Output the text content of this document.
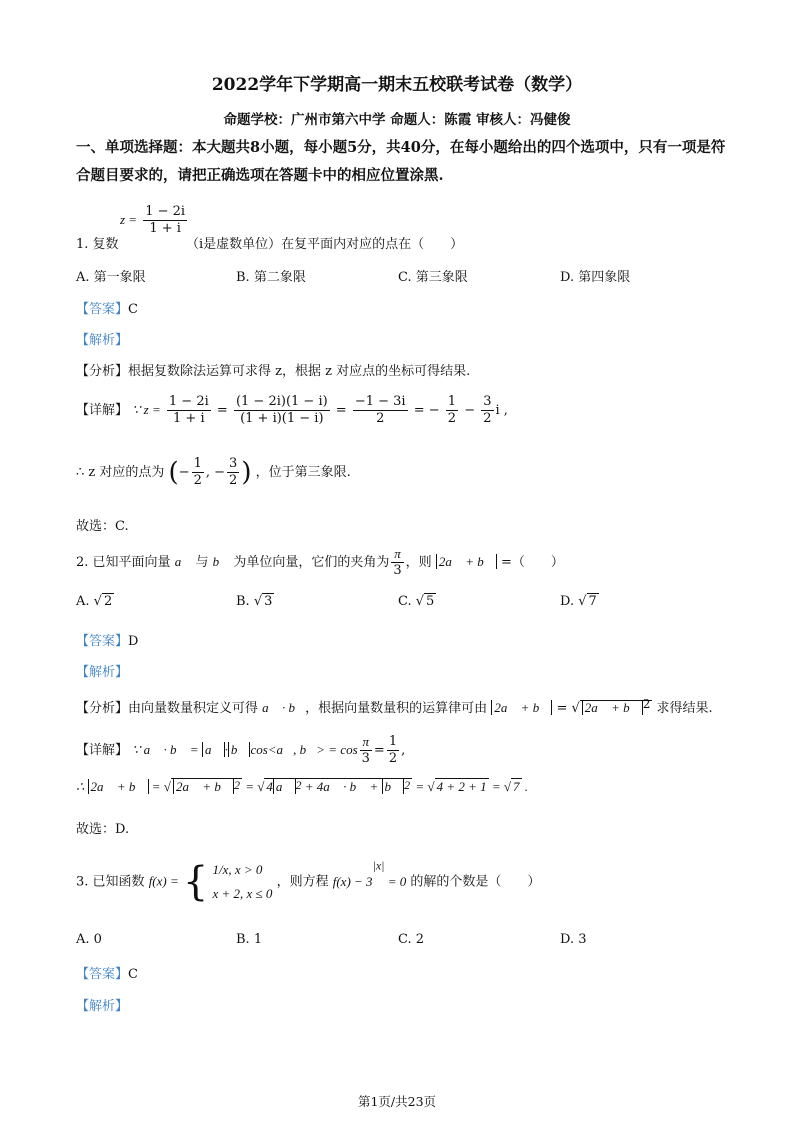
2022学年下学期高一期末五校联考试卷（数学）
命题学校：广州市第六中学 命题人：陈霞 审核人：冯健俊
一、单项选择题：本大题共8小题，每小题5分，共40分，在每小题给出的四个选项中，只有一项是符合题目要求的，请把正确选项在答题卡中的相应位置涂黑.
$z = \frac{1 - 2i}{1 + i}$
1. 复数	（i是虚数单位）在复平面内对应的点在（　　）
A. 第一象限	B. 第二象限	C. 第三象限	D. 第四象限
【答案】C
【解析】
【分析】根据复数除法运算可求得 z，根据 z 对应点的坐标可得结果.
【详解】 ∵ $z = \frac{1 - 2i}{1 + i} = \frac{(1 - 2i)(1 - i)}{(1 + i)(1 - i)} = \frac{-1 - 3i}{2}$ = − $\frac{1}{2} - \frac{3}{2}$ i ,
∴ z 对应的点为 (− $\frac{1}{2}$ , − $\frac{3}{2}$ ) ，位于第三象限.
故选：C.
2. 已知平面向量 a⃗ 与 b⃗ 为单位向量，它们的夹角为 $\frac{\pi}{3}$ ，则 2a⃗ + b⃗ =（　　）
A. √ 2	B. √ 3	C. √ 5	D. √ 7
【答案】D
【解析】
【分析】由向量数量积定义可得 a⃗ · b⃗，根据向量数量积的运算律可由 2a⃗ + b⃗ = √ 2a⃗ + b⃗ $^2$ 求得结果.
【详解】 ∵ a⃗ · b⃗ = a⃗ · b⃗ cos<a⃗, b⃗> = $\cos \frac{\pi}{3} = \frac{1}{2}$ ,
∴ 2a⃗ + b⃗ = √ 2a⃗ + b⃗ $^2$ = √ 4 a⃗ $^2$ + 4a⃗ · b⃗ + b⃗ $^2$ = √ 4 + 2 + 1 = √ 7 .
故选：D.
3. 已知函数 f(x) = { 1/x, x > 0
x + 2, x ≤ 0
，则方程 $f(x) - 3^{|x|} = 0$ 的解的个数是（　　）
A. 0	B. 1	C. 2	D. 3
【答案】C
【解析】
第1页/共23页
